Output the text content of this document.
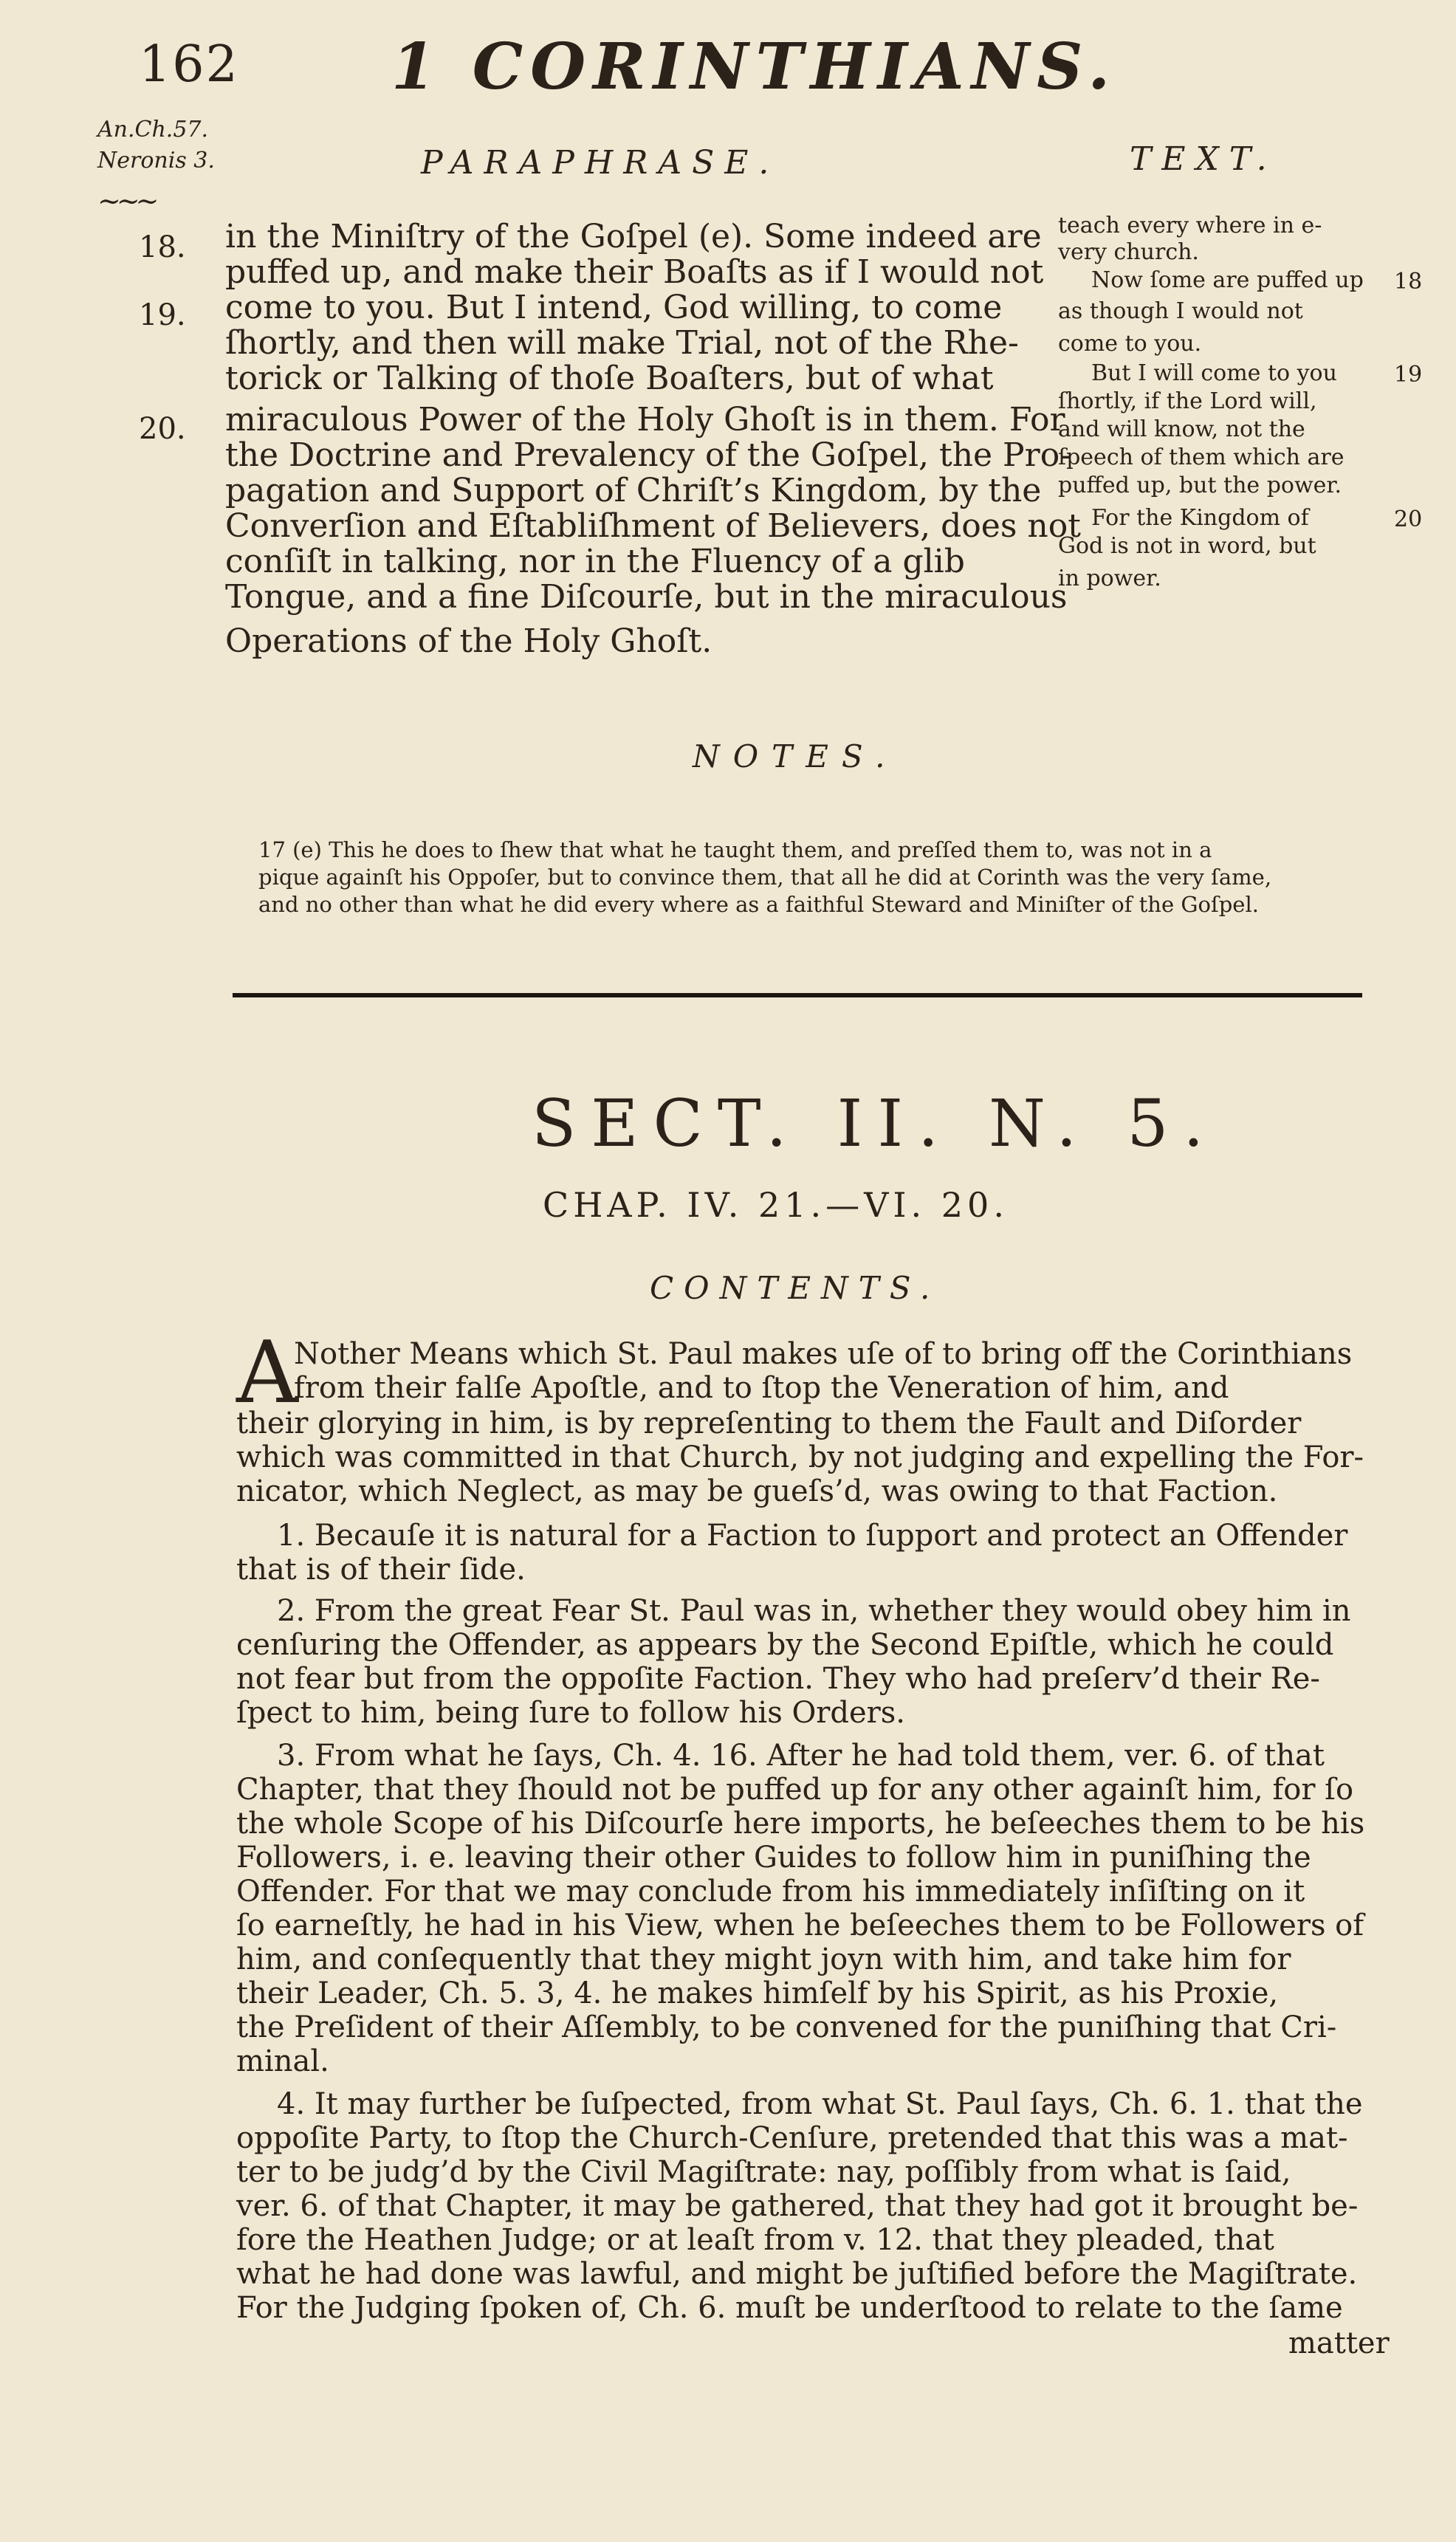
162 1 CORINTHIANS.
An.Ch.57.
Neronis 3.
~~~
PARAPHRASE.	TEXT.
18.
19.
20.
in the Miniſtry of the Goſpel (e). Some indeed are
puffed up, and make their Boaſts as if I would not
come to you. But I intend, God willing, to come
ſhortly, and then will make Trial, not of the Rhe-
torick or Talking of thoſe Boaſters, but of what
miraculous Power of the Holy Ghoſt is in them. For
the Doctrine and Prevalency of the Goſpel, the Pro-
pagation and Support of Chriſt’s Kingdom, by the
Converſion and Eſtabliſhment of Believers, does not
conſiſt in talking, nor in the Fluency of a glib
Tongue, and a fine Diſcourſe, but in the miraculous
Operations of the Holy Ghoſt.
teach every where in e-
very church.
Now ſome are puffed up
as though I would not
come to you.
But I will come to you
ſhortly, if the Lord will,
and will know, not the
ſpeech of them which are
puffed up, but the power.
For the Kingdom of
God is not in word, but
in power.
18
19
20
NOTES.
17 (e) This he does to ſhew that what he taught them, and preſſed them to, was not in a
pique againſt his Oppoſer, but to convince them, that all he did at Corinth was the very ſame,
and no other than what he did every where as a faithful Steward and Miniſter of the Goſpel.
SECT. II. N. 5.
CHAP. IV. 21.—VI. 20.
CONTENTS.
A
Nother Means which St. Paul makes uſe of to bring off the Corinthians
from their falſe Apoſtle, and to ſtop the Veneration of him, and
their glorying in him, is by repreſenting to them the Fault and Diſorder
which was committed in that Church, by not judging and expelling the For-
nicator, which Neglect, as may be gueſs’d, was owing to that Faction.
1. Becauſe it is natural for a Faction to ſupport and protect an Offender
that is of their ſide.
2. From the great Fear St. Paul was in, whether they would obey him in
cenſuring the Offender, as appears by the Second Epiſtle, which he could
not fear but from the oppoſite Faction. They who had preſerv’d their Re-
ſpect to him, being ſure to follow his Orders.
3. From what he ſays, Ch. 4. 16. After he had told them, ver. 6. of that
Chapter, that they ſhould not be puffed up for any other againſt him, for ſo
the whole Scope of his Diſcourſe here imports, he beſeeches them to be his
Followers, i. e. leaving their other Guides to follow him in puniſhing the
Offender. For that we may conclude from his immediately inſiſting on it
ſo earneſtly, he had in his View, when he beſeeches them to be Followers of
him, and conſequently that they might joyn with him, and take him for
their Leader, Ch. 5. 3, 4. he makes himſelf by his Spirit, as his Proxie,
the Preſident of their Aſſembly, to be convened for the puniſhing that Cri-
minal.
4. It may further be ſuſpected, from what St. Paul ſays, Ch. 6. 1. that the
oppoſite Party, to ſtop the Church-Cenſure, pretended that this was a mat-
ter to be judg’d by the Civil Magiſtrate: nay, poſſibly from what is ſaid,
ver. 6. of that Chapter, it may be gathered, that they had got it brought be-
fore the Heathen Judge; or at leaſt from v. 12. that they pleaded, that
what he had done was lawful, and might be juſtified before the Magiſtrate.
For the Judging ſpoken of, Ch. 6. muſt be underſtood to relate to the ſame
matter
